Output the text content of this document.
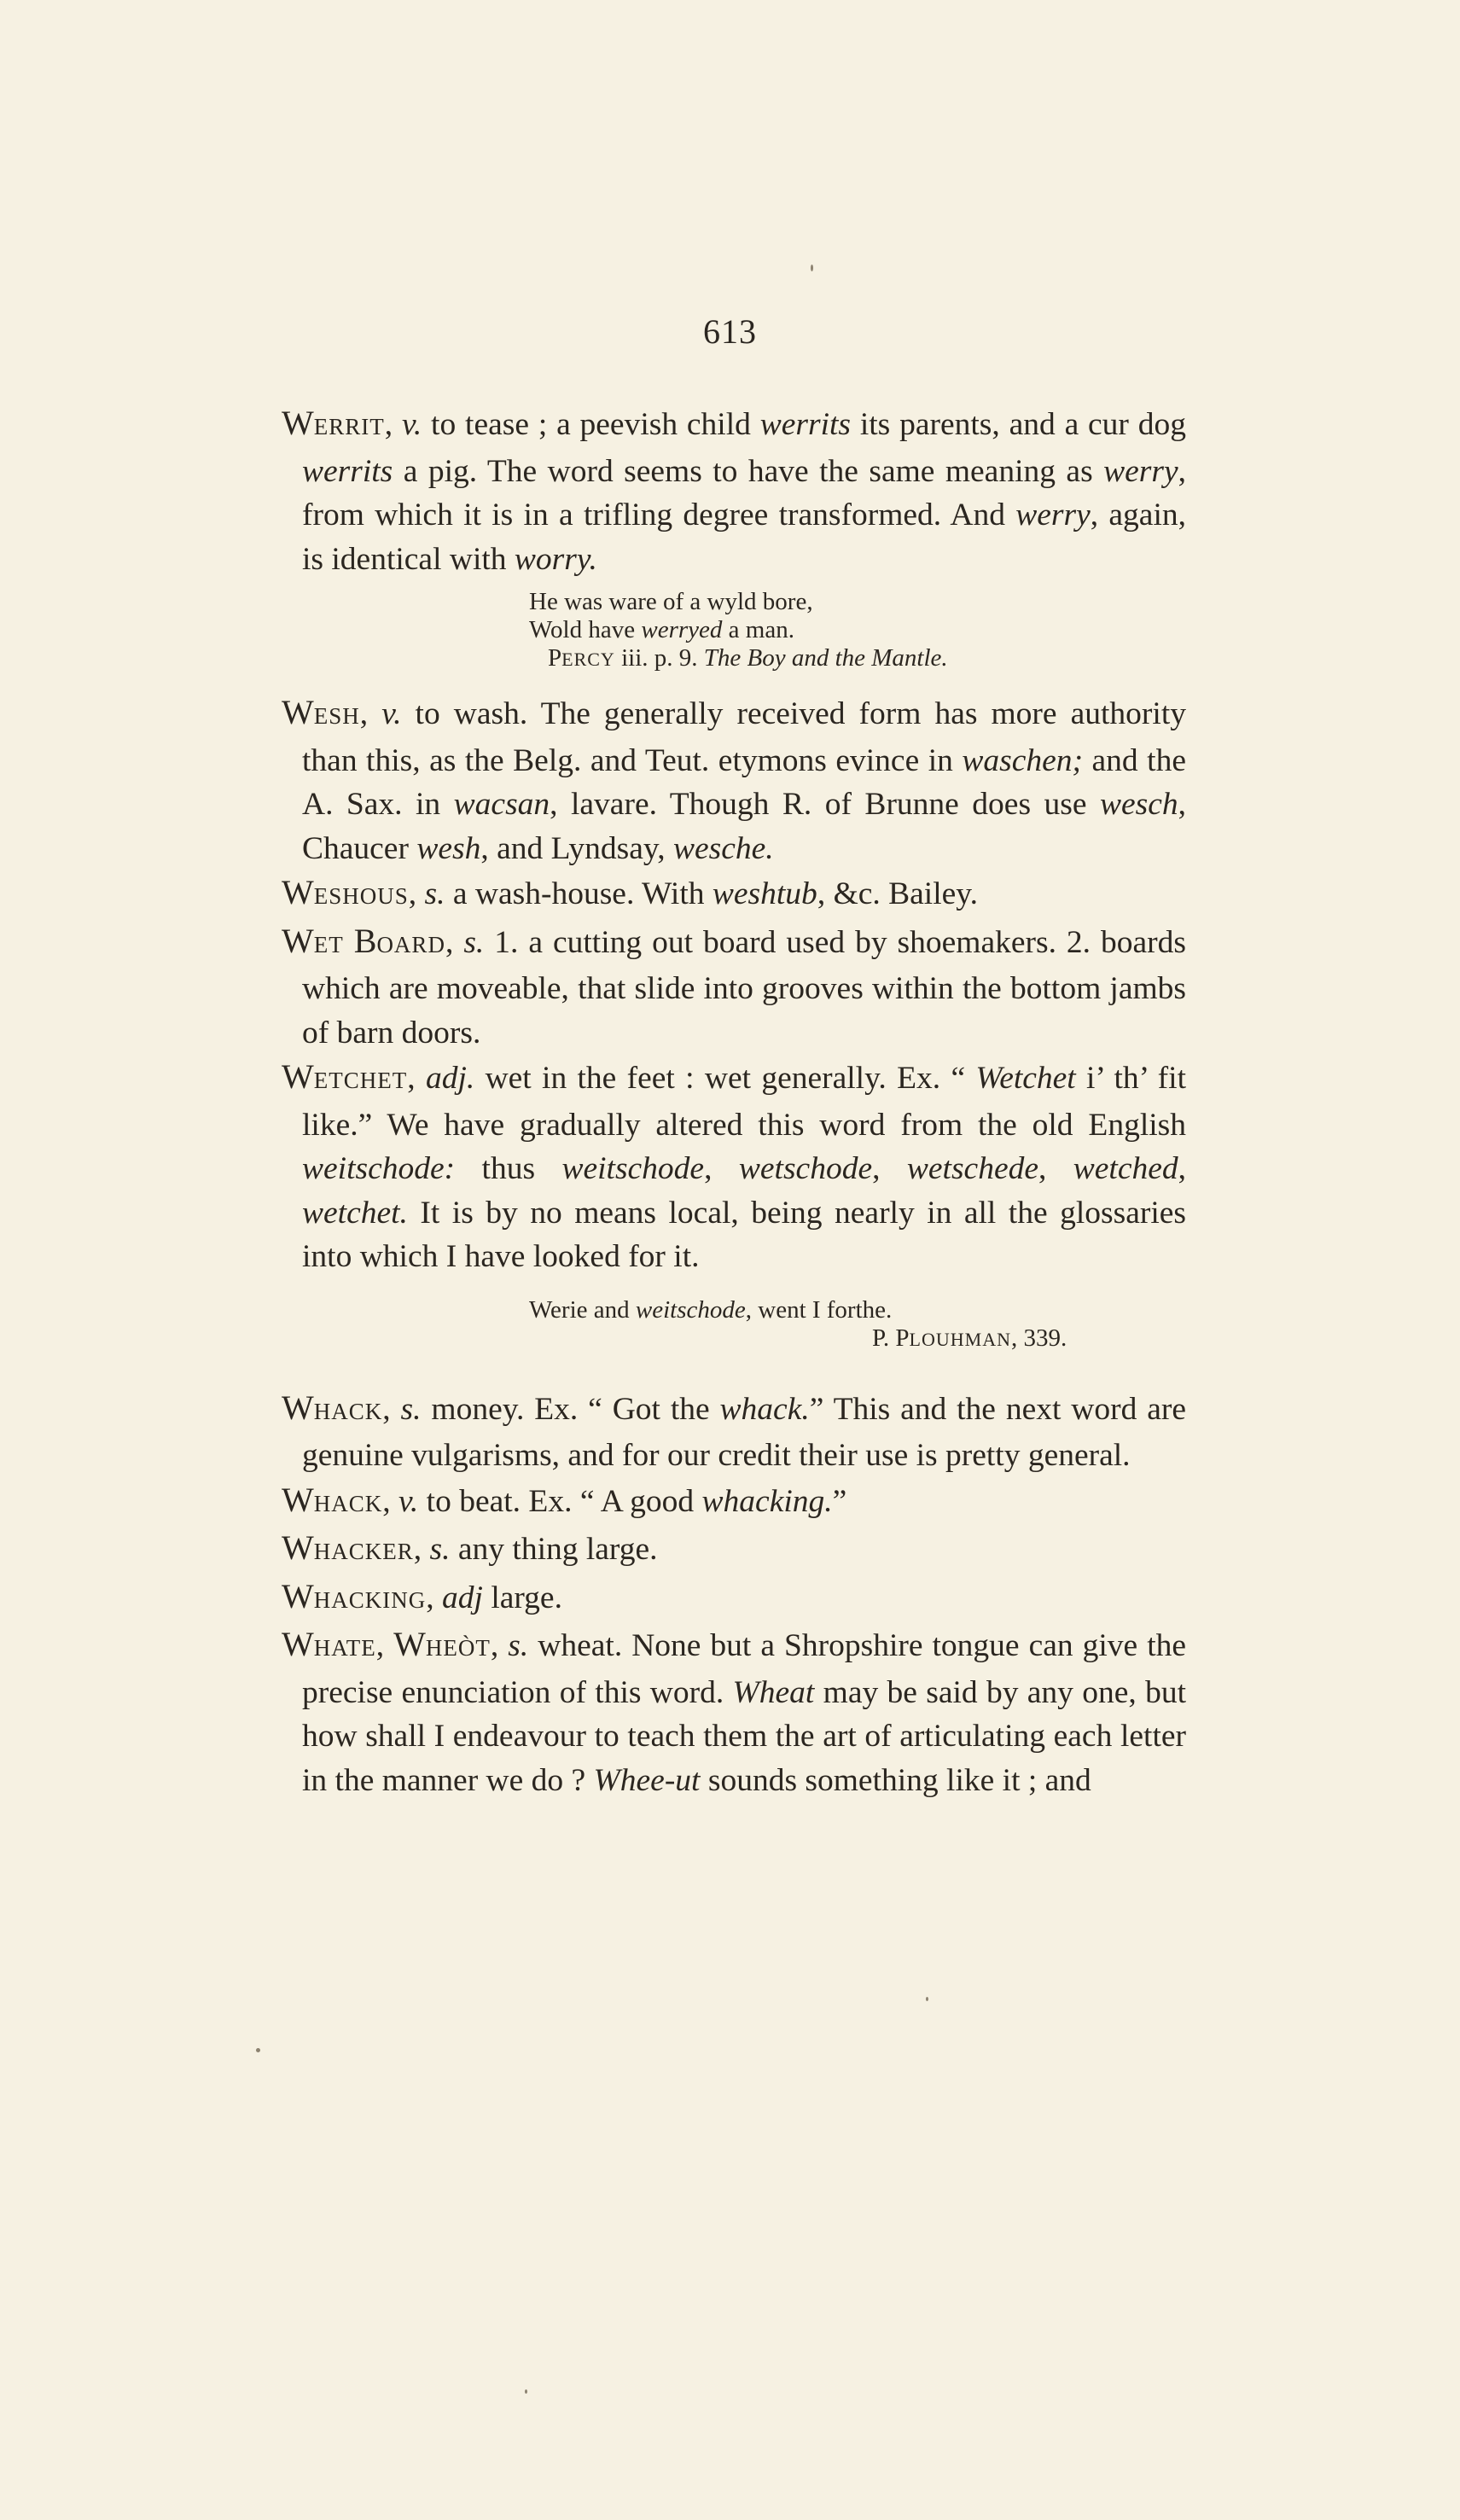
613

WERRIT, v. to tease ; a peevish child werrits its parents, and a cur dog werrits a pig. The word seems to have the same meaning as werry, from which it is in a trifling degree transformed. And werry, again, is identical with worry.

He was ware of a wyld bore,
Wold have werryed a man.
PERCY iii. p. 9. The Boy and the Mantle.

WESH, v. to wash. The generally received form has more authority than this, as the Belg. and Teut. etymons evince in waschen; and the A. Sax. in wacsan, lavare. Though R. of Brunne does use wesch, Chaucer wesh, and Lyndsay, wesche.

WESHOUS, s. a wash-house. With weshtub, &c. Bailey.

WET BOARD, s. 1. a cutting out board used by shoemakers. 2. boards which are moveable, that slide into grooves within the bottom jambs of barn doors.

WETCHET, adj. wet in the feet : wet generally. Ex. “ Wetchet i’ th’ fit like.” We have gradually altered this word from the old English weitschode: thus weitschode, wetschode, wetschede, wetched, wetchet. It is by no means local, being nearly in all the glossaries into which I have looked for it.

Werie and weitschode, went I forthe.
P. PLOUHMAN, 339.

WHACK, s. money. Ex. “ Got the whack.” This and the next word are genuine vulgarisms, and for our credit their use is pretty general.

WHACK, v. to beat. Ex. “ A good whacking.”

WHACKER, s. any thing large.

WHACKING, adj large.

WHATE, WHEÒT, s. wheat. None but a Shropshire tongue can give the precise enunciation of this word. Wheat may be said by any one, but how shall I endeavour to teach them the art of articulating each letter in the manner we do ? Whee-ut sounds something like it ; and
